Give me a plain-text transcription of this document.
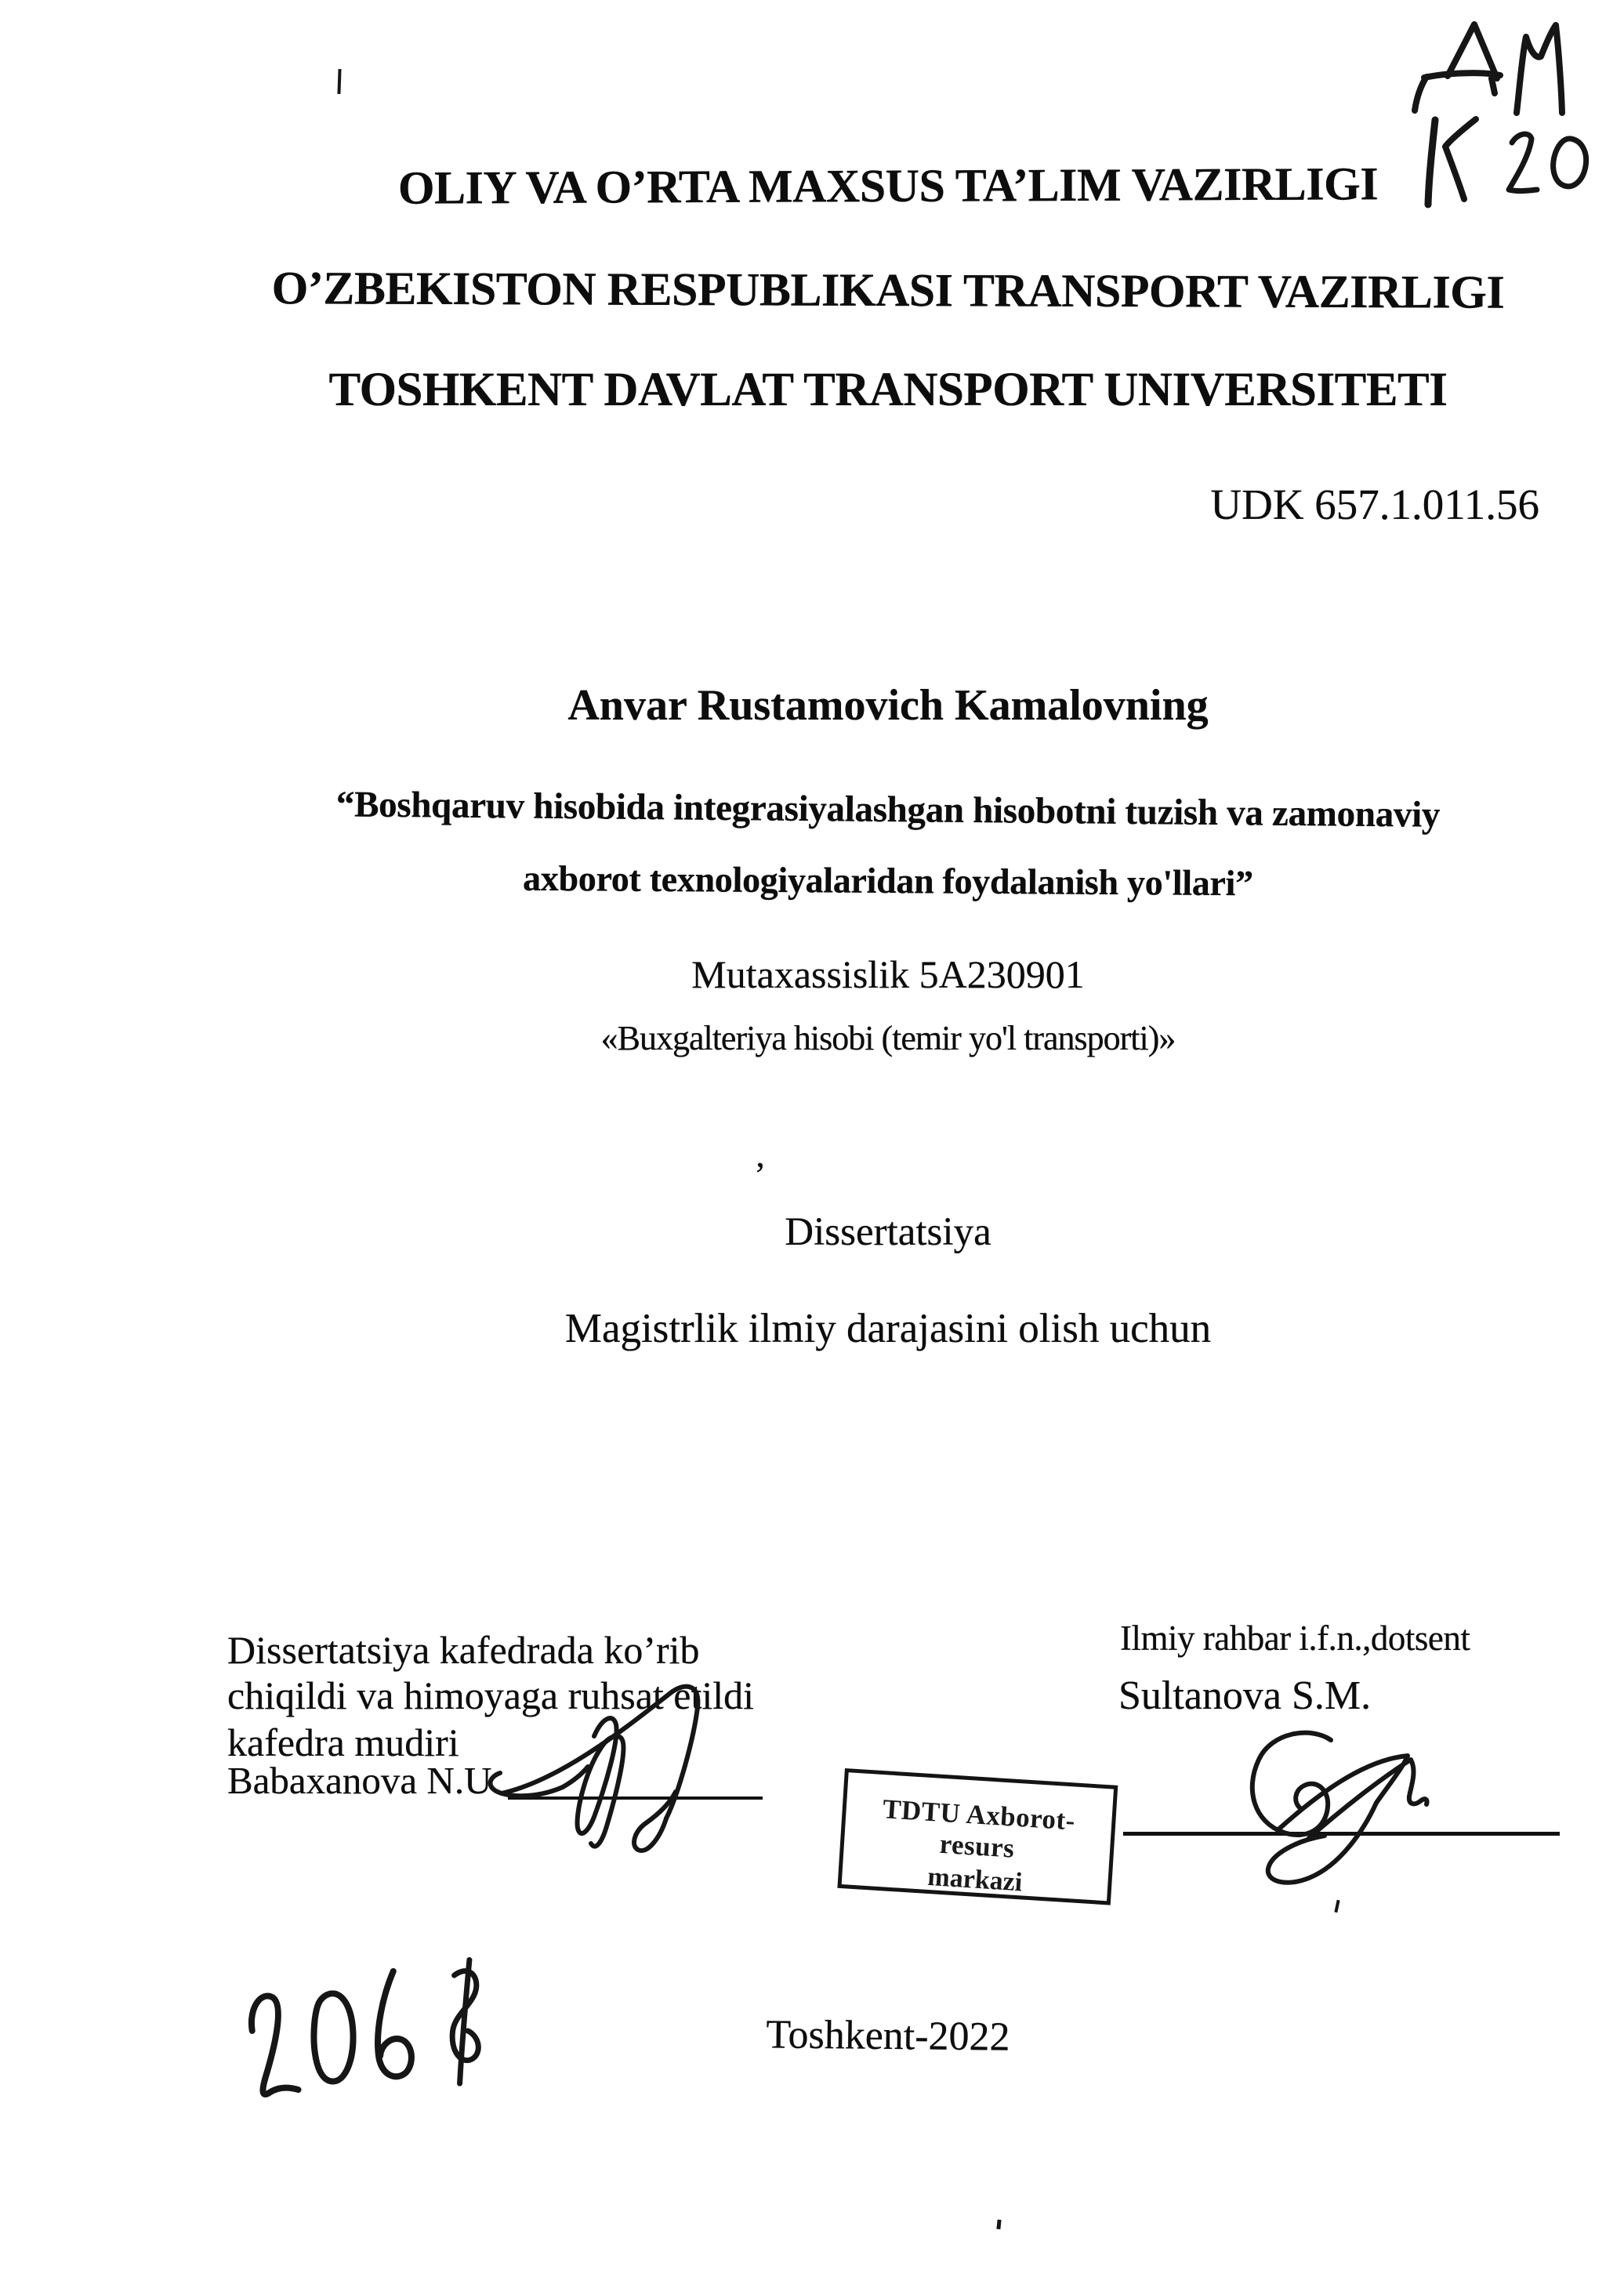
OLIY VA O’RTA MAXSUS TA’LIM VAZIRLIGI
O’ZBEKISTON RESPUBLIKASI TRANSPORT VAZIRLIGI
TOSHKENT DAVLAT TRANSPORT UNIVERSITETI
UDK 657.1.011.56
Anvar Rustamovich Kamalovning
“Boshqaruv hisobida integrasiyalashgan hisobotni tuzish va zamonaviy
axborot texnologiyalaridan foydalanish yo'llari”
Mutaxassislik 5A230901
«Buxgalteriya hisobi (temir yo'l transporti)»
’
Dissertatsiya
Magistrlik ilmiy darajasini olish uchun
Dissertatsiya kafedrada ko’rib
chiqildi va himoyaga ruhsat etildi
kafedra mudiri
Babaxanova N.U
Ilmiy rahbar i.f.n.,dotsent
Sultanova S.M.
TDTU Axborot-resurs
markazi
Toshkent-2022
